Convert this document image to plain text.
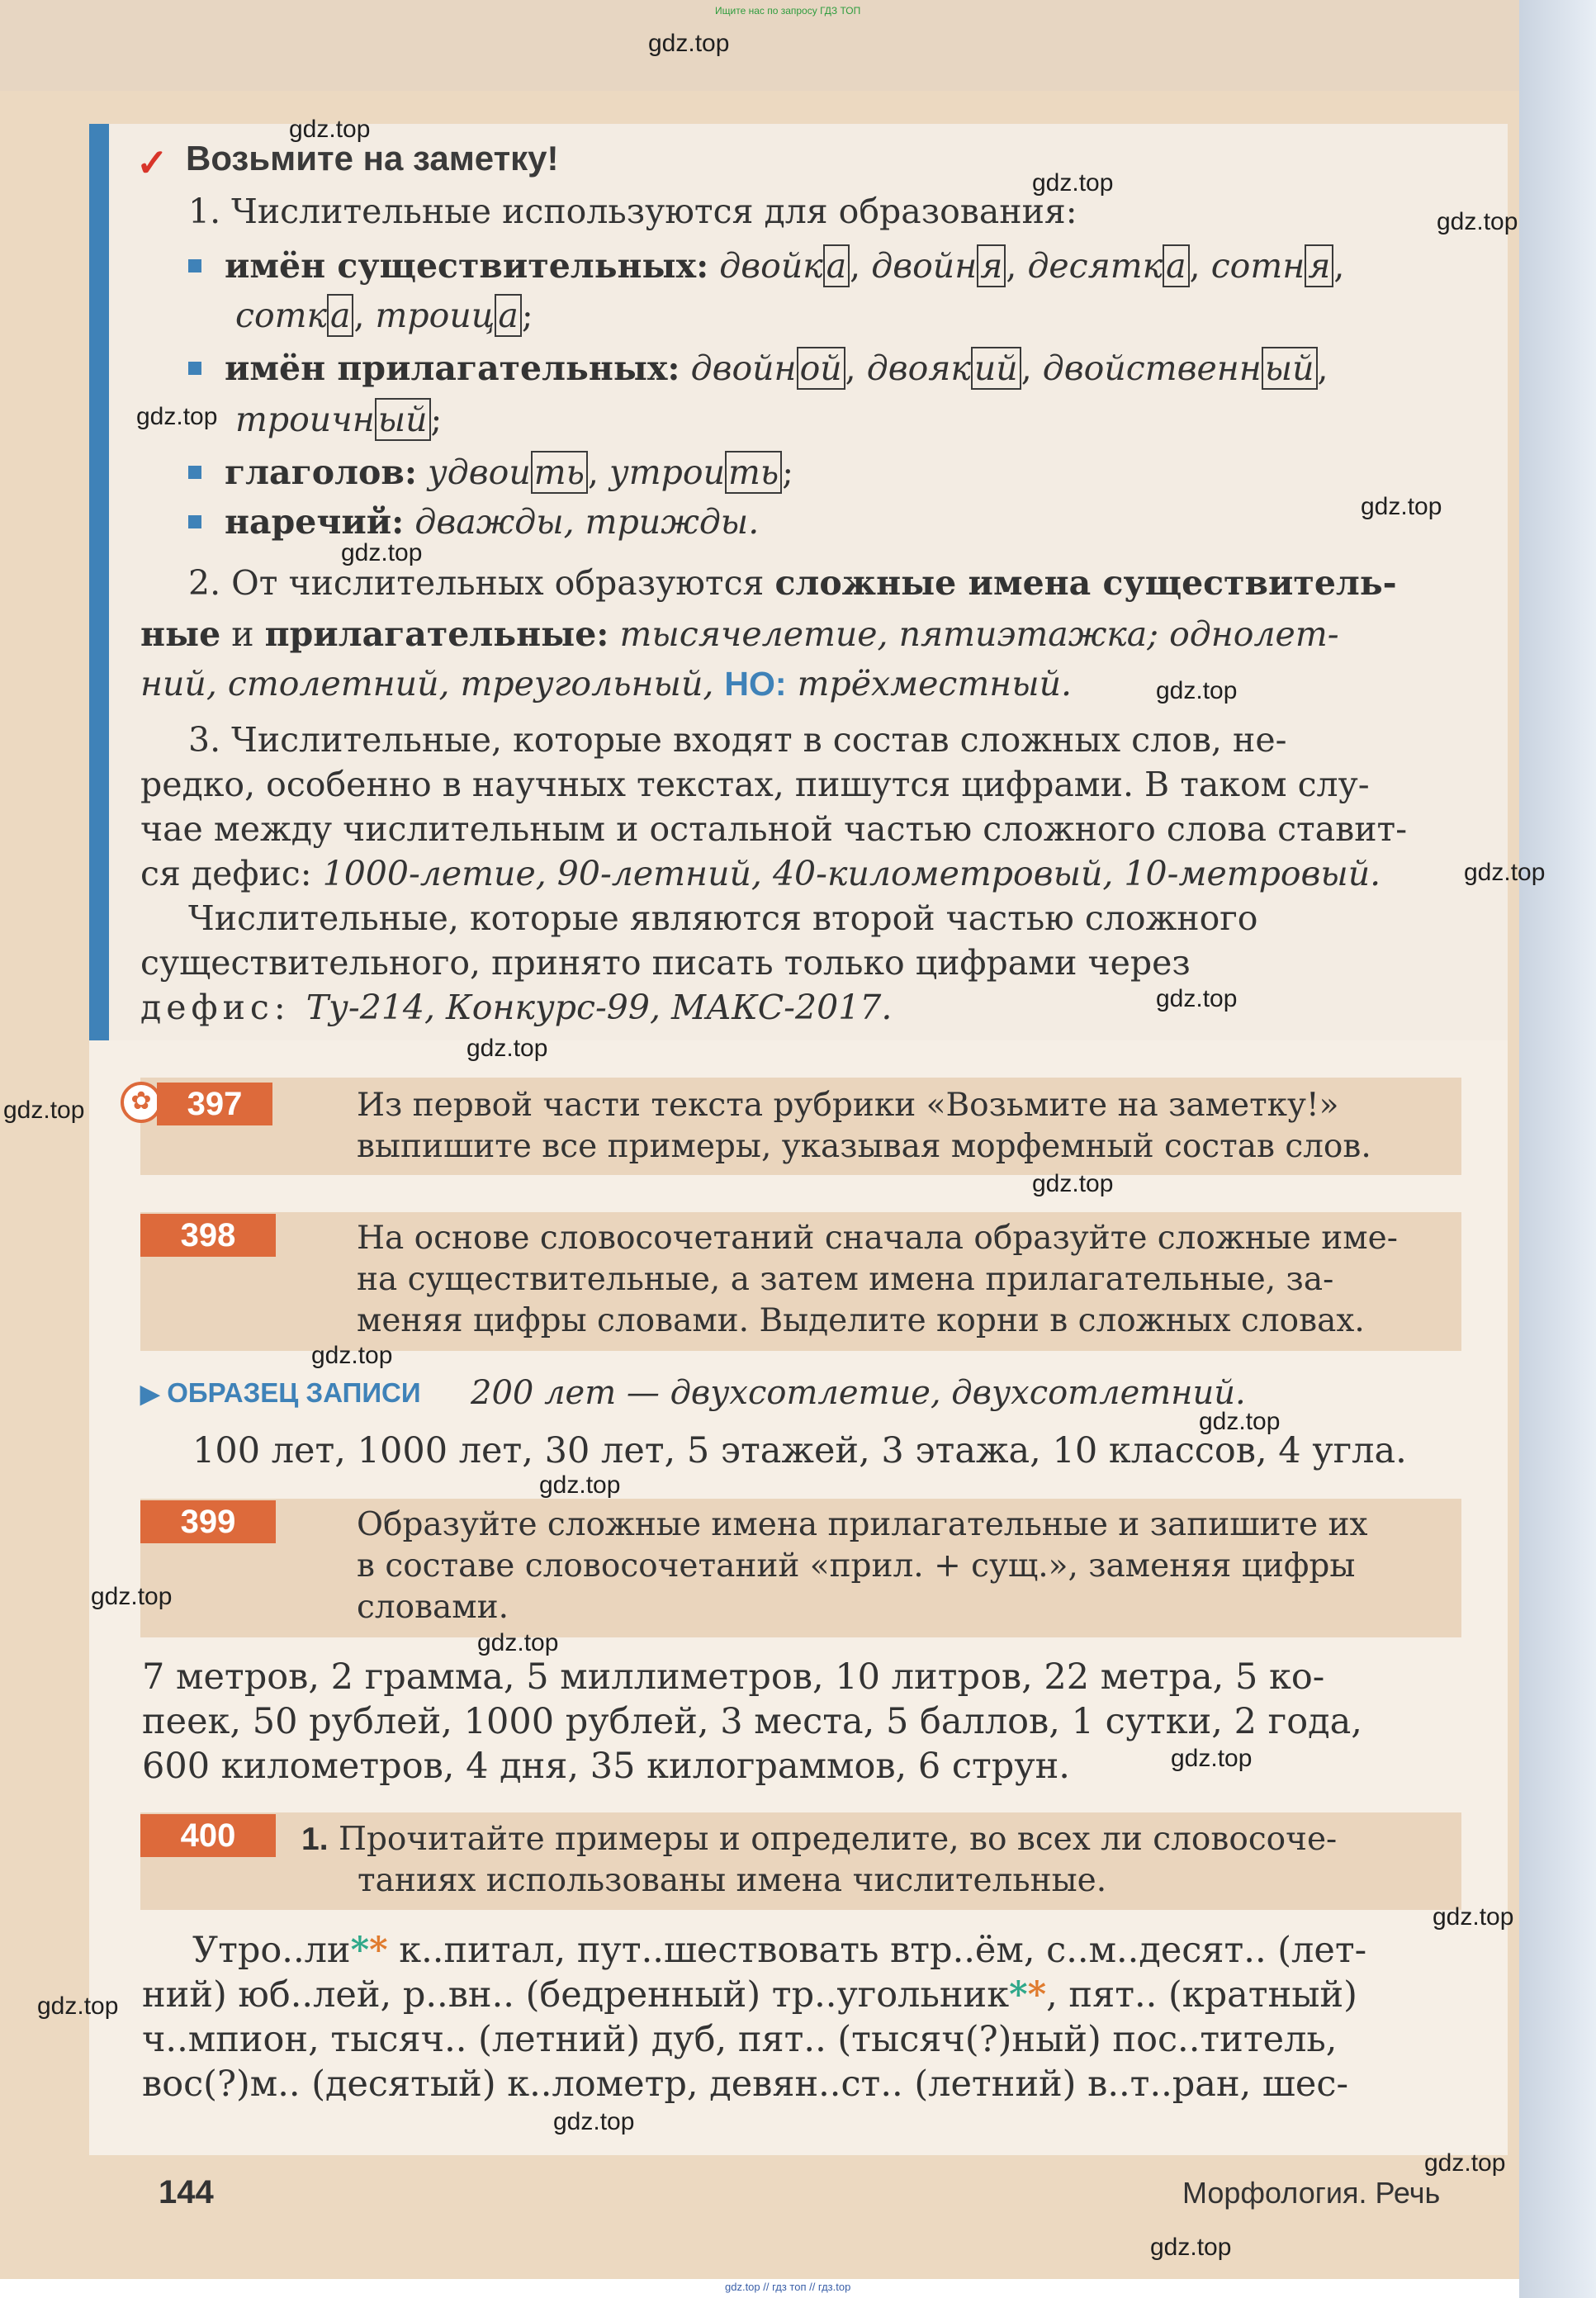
Ищите нас по запросу ГДЗ ТОП
✓ Возьмите на заметку!
1. Числительные используются для образования:
имён существительных: двойка, двойня, десятка, сотня,
сотка, троица;
имён прилагательных: двойной, двоякий, двойственный,
троичный;
глаголов: удвоить, утроить;
наречий: дважды, трижды.
2. От числительных образуются сложные имена существитель-
ные и прилагательные: тысячелетие, пятиэтажка; однолет-
ний, столетний, треугольный, НО: трёхместный.
3. Числительные, которые входят в состав сложных слов, не-
редко, особенно в научных текстах, пишутся цифрами. В таком слу-
чае между числительным и остальной частью сложного слова ставит-
ся дефис: 1000-летие, 90-летний, 40-километровый, 10-метровый.
Числительные, которые являются второй частью сложного
существительного, принято писать только цифрами через
дефис: Ту-214, Конкурс-99, МАКС-2017.
✿	397	Из первой части текста рубрики «Возьмите на заметку!»
выпишите все примеры, указывая морфемный состав слов.
398	На основе словосочетаний сначала образуйте сложные име-
на существительные, а затем имена прилагательные, за-
меняя цифры словами. Выделите корни в сложных словах.
▶ ОБРАЗЕЦ ЗАПИСИ 200 лет — двухсотлетие, двухсотлетний.
100 лет, 1000 лет, 30 лет, 5 этажей, 3 этажа, 10 классов, 4 угла.
399	Образуйте сложные имена прилагательные и запишите их
в составе словосочетаний «прил. + сущ.», заменяя цифры
словами.
7 метров, 2 грамма, 5 миллиметров, 10 литров, 22 метра, 5 ко-
пеек, 50 рублей, 1000 рублей, 3 места, 5 баллов, 1 сутки, 2 года,
600 километров, 4 дня, 35 килограммов, 6 струн.
400	1. Прочитайте примеры и определите, во всех ли словосоче-
таниях использованы имена числительные.
Утро..ли** к..питал, пут..шествовать втр..ём, с..м..десят.. (лет-
ний) юб..лей, р..вн.. (бедренный) тр..угольник**, пят.. (кратный)
ч..мпион, тысяч.. (летний) дуб, пят.. (тысяч(?)ный) пос..титель,
вос(?)м.. (десятый) к..лометр, девян..ст.. (летний) в..т..ран, шес-
144	Морфология. Речь
gdz.top
gdz.top
gdz.top
gdz.top
gdz.top
gdz.top
gdz.top
gdz.top
gdz.top
gdz.top
gdz.top
gdz.top
gdz.top
gdz.top
gdz.top
gdz.top
gdz.top
gdz.top
gdz.top
gdz.top
gdz.top
gdz.top
gdz.top
gdz.top
gdz.top // гдз топ // гдз.top
